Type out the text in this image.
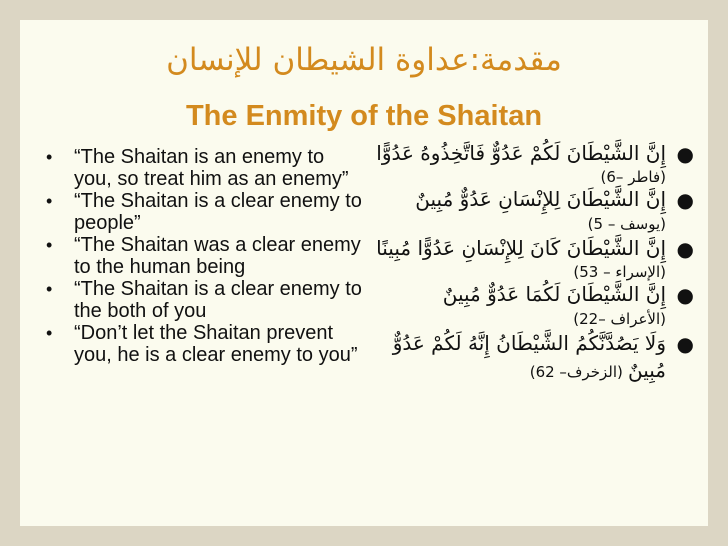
مقدمة:عداوة الشيطان للإنسان
The Enmity of the Shaitan
• “The Shaitan is an enemy to you, so treat him as an enemy”
• “The Shaitan is a clear enemy to people”
• “The Shaitan was a clear enemy to the human being
• “The Shaitan is a clear enemy to the both of you
• “Don’t let the Shaitan prevent you, he is a clear enemy to you”
●
إِنَّ الشَّيْطَانَ لَكُمْ عَدُوٌّ فَاتَّخِذُوهُ عَدُوًّا (فاطر –6)
●
إِنَّ الشَّيْطَانَ لِلإِنْسَانِ عَدُوٌّ مُبِينٌ
(يوسف – 5)
●
إِنَّ الشَّيْطَانَ كَانَ لِلإِنْسَانِ عَدُوًّا مُبِينًا (الإسراء – 53)
●
إِنَّ الشَّيْطَانَ لَكُمَا عَدُوٌّ مُبِينٌ
(الأعراف –22)
●
وَلَا يَصُدَّنَّكُمُ الشَّيْطَانُ إِنَّهُ لَكُمْ عَدُوٌّ مُبِينٌ (الزخرف– 62)
